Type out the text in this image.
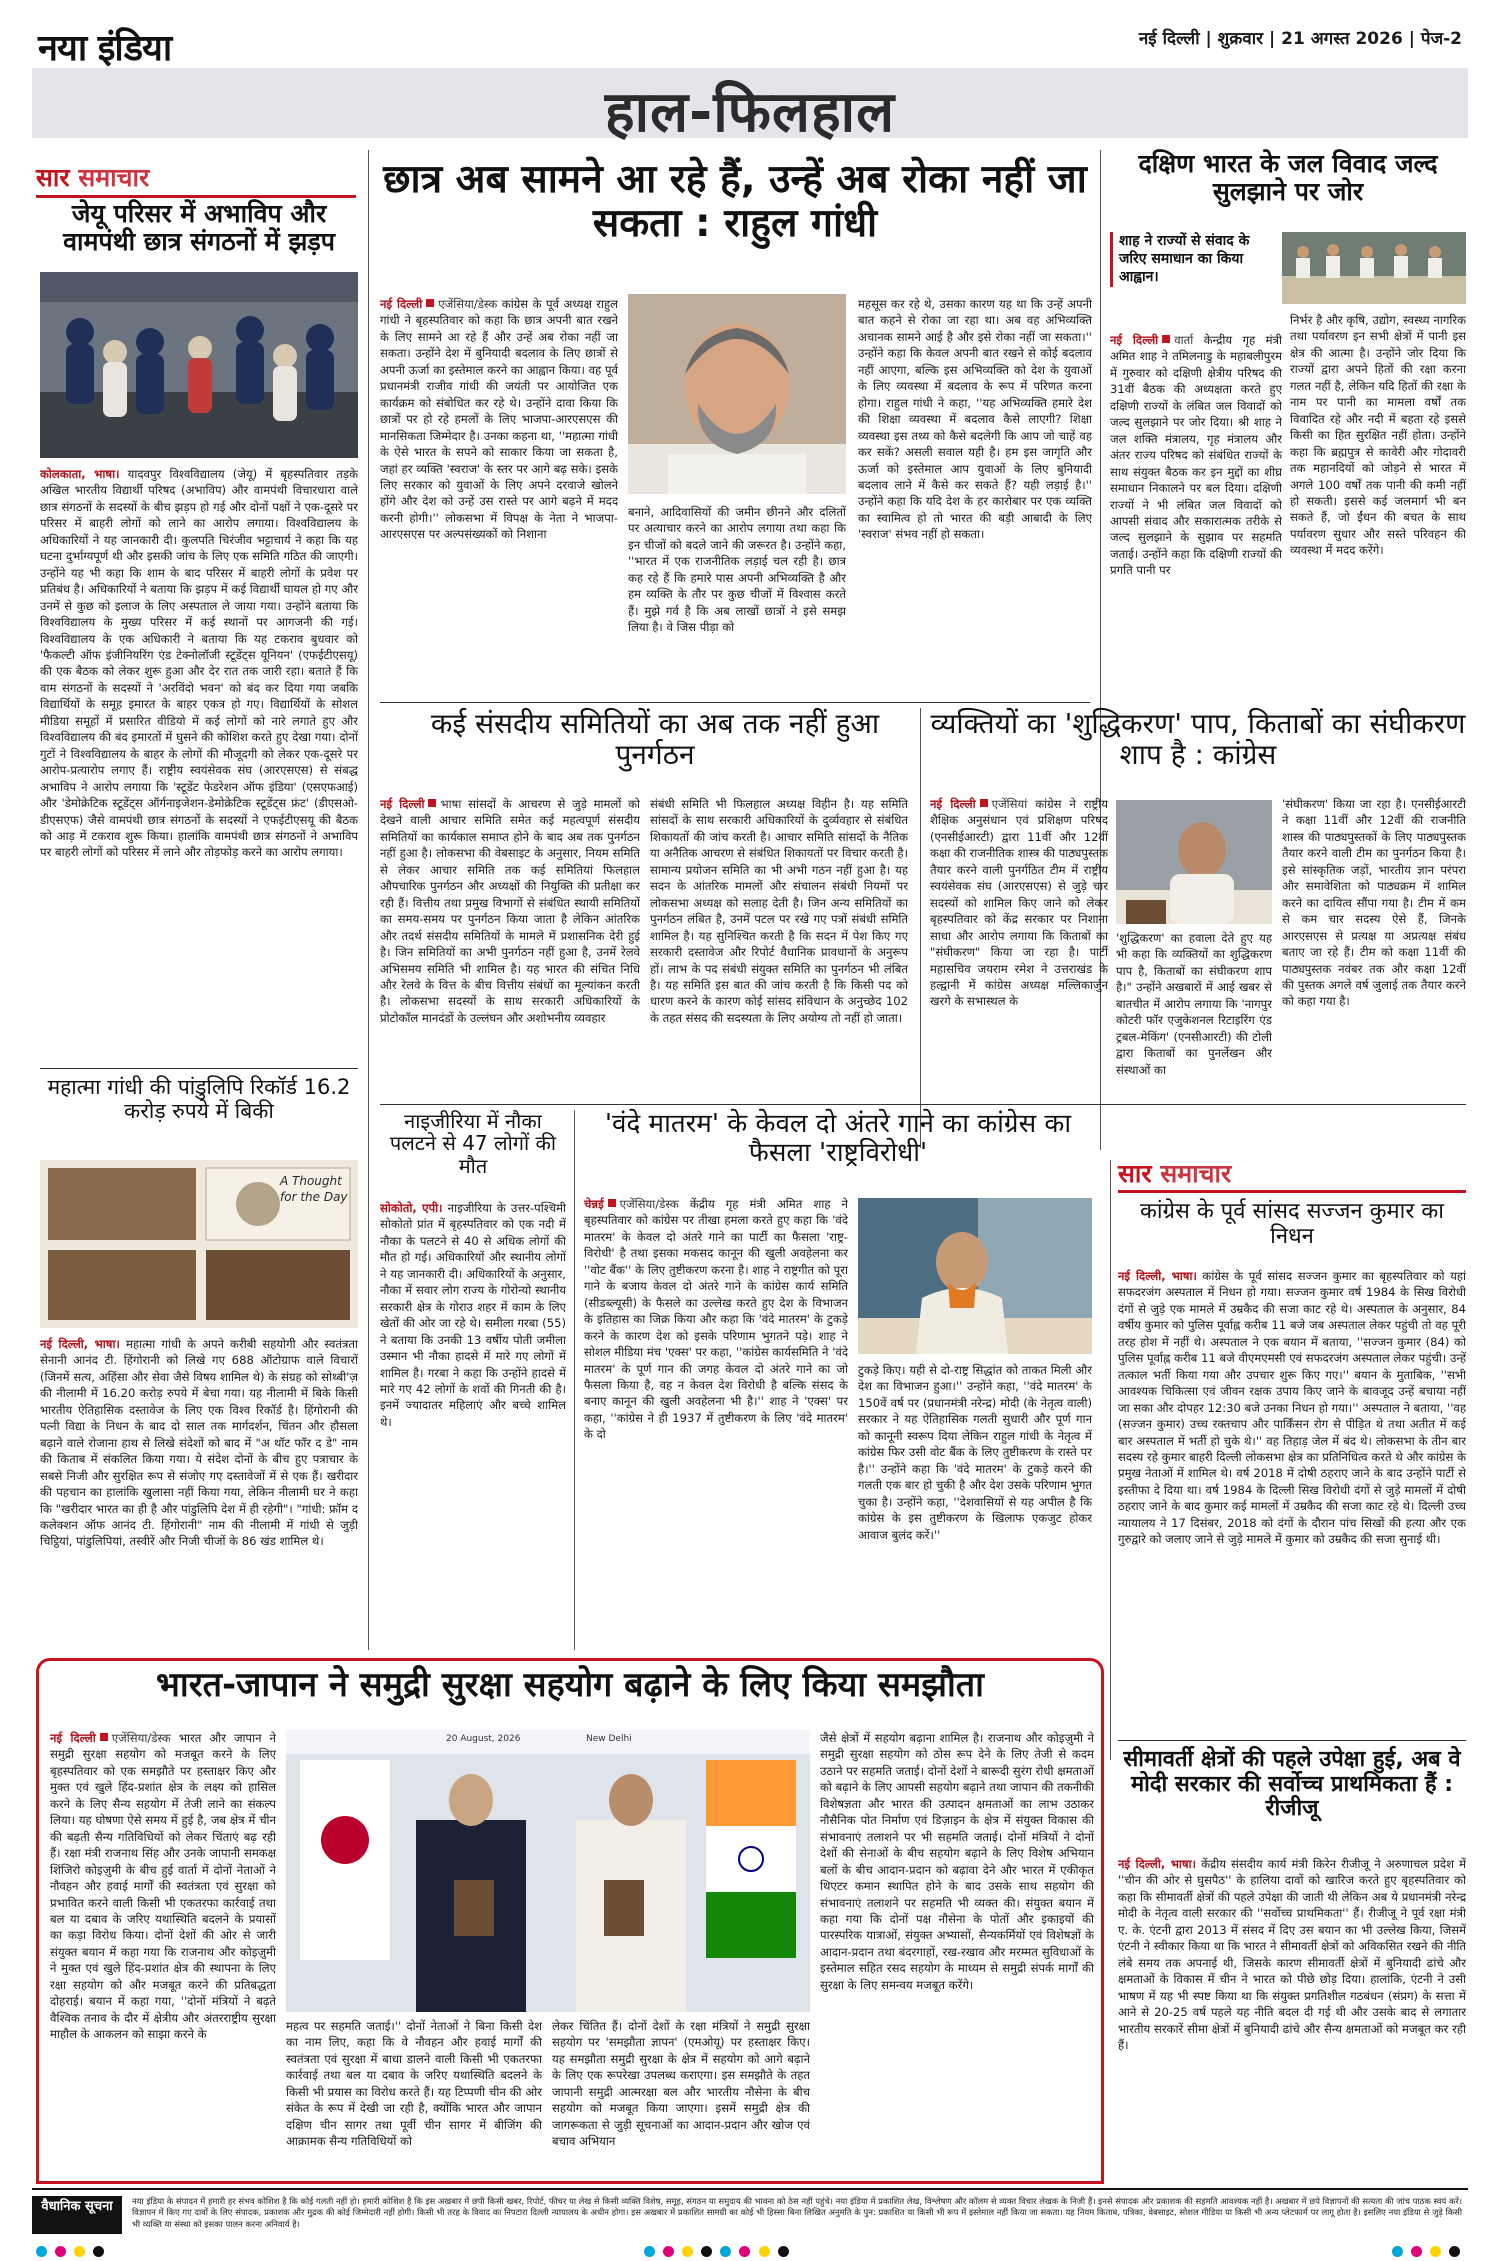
हाल-फिलहाल
नया इंडिया	नई दिल्ली | शुक्रवार | 21 अगस्त 2026 | पेज-2
सार समाचार
जेयू परिसर में अभाविप और वामपंथी छात्र संगठनों में झड़प
कोलकाता, भाषा। यादवपुर विश्वविद्यालय (जेयू) में बृहस्पतिवार तड़के अखिल भारतीय विद्यार्थी परिषद (अभाविप) और वामपंथी विचारधारा वाले छात्र संगठनों के सदस्यों के बीच झड़प हो गई और दोनों पक्षों ने एक-दूसरे पर परिसर में बाहरी लोगों को लाने का आरोप लगाया। विश्वविद्यालय के अधिकारियों ने यह जानकारी दी। कुलपति चिरंजीव भट्टाचार्य ने कहा कि यह घटना दुर्भाग्यपूर्ण थी और इसकी जांच के लिए एक समिति गठित की जाएगी। उन्होंने यह भी कहा कि शाम के बाद परिसर में बाहरी लोगों के प्रवेश पर प्रतिबंध है। अधिकारियों ने बताया कि झड़प में कई विद्यार्थी घायल हो गए और उनमें से कुछ को इलाज के लिए अस्पताल ले जाया गया। उन्होंने बताया कि विश्वविद्यालय के मुख्य परिसर में कई स्थानों पर आगजनी की गई। विश्वविद्यालय के एक अधिकारी ने बताया कि यह टकराव बुधवार को 'फैकल्टी ऑफ इंजीनियरिंग एंड टेक्नोलॉजी स्टूडेंट्स यूनियन' (एफईटीएसयू) की एक बैठक को लेकर शुरू हुआ और देर रात तक जारी रहा। बताते हैं कि वाम संगठनों के सदस्यों ने 'अरविंदो भवन' को बंद कर दिया गया जबकि विद्यार्थियों के समूह इमारत के बाहर एकत्र हो गए। विद्यार्थियों के सोशल मीडिया समूहों में प्रसारित वीडियो में कई लोगों को नारे लगाते हुए और विश्वविद्यालय की बंद इमारतों में घुसने की कोशिश करते हुए देखा गया। दोनों गुटों ने विश्वविद्यालय के बाहर के लोगों की मौजूदगी को लेकर एक-दूसरे पर आरोप-प्रत्यारोप लगाए हैं। राष्ट्रीय स्वयंसेवक संघ (आरएसएस) से संबद्ध अभाविप ने आरोप लगाया कि 'स्टूडेंट फेडरेशन ऑफ इंडिया' (एसएफआई) और 'डेमोक्रेटिक स्टूडेंट्स ऑर्गनाइजेशन-डेमोक्रेटिक स्टूडेंट्स फ्रंट' (डीएसओ-डीएसएफ) जैसे वामपंथी छात्र संगठनों के सदस्यों ने एफईटीएसयू की बैठक को आड़ में टकराव शुरू किया। हालांकि वामपंथी छात्र संगठनों ने अभाविप पर बाहरी लोगों को परिसर में लाने और तोड़फोड़ करने का आरोप लगाया।
महात्मा गांधी की पांडुलिपि रिकॉर्ड 16.2 करोड़ रुपये में बिकी
A Thought for the Day
नई दिल्ली, भाषा। महात्मा गांधी के अपने करीबी सहयोगी और स्वतंत्रता सेनानी आनंद टी. हिंगोरानी को लिखे गए 688 ऑटोग्राफ वाले विचारों (जिनमें सत्य, अहिंसा और सेवा जैसे विषय शामिल थे) के संग्रह को सोथ्बी'ज़ की नीलामी में 16.20 करोड़ रुपये में बेचा गया। यह नीलामी में बिके किसी भारतीय ऐतिहासिक दस्तावेज के लिए एक विश्व रिकॉर्ड है। हिंगोरानी की पत्नी विद्या के निधन के बाद दो साल तक मार्गदर्शन, चिंतन और हौसला बढ़ाने वाले रोजाना हाथ से लिखे संदेशों को बाद में "अ थॉट फॉर द डे" नाम की किताब में संकलित किया गया। ये संदेश दोनों के बीच हुए पत्राचार के सबसे निजी और सुरक्षित रूप से संजोए गए दस्तावेजों में से एक हैं। खरीदार की पहचान का हालांकि खुलासा नहीं किया गया, लेकिन नीलामी घर ने कहा कि "खरीदार भारत का ही है और पांडुलिपि देश में ही रहेगी"। "गांधी: फ्रॉम द कलेक्शन ऑफ आनंद टी. हिंगोरानी" नाम की नीलामी में गांधी से जुड़ी चिट्ठियां, पांडुलिपियां, तस्वीरें और निजी चीजों के 86 खंड शामिल थे।
छात्र अब सामने आ रहे हैं, उन्हें अब रोका नहीं जा सकता : राहुल गांधी
नई दिल्ली एजेंसिया/डेस्क कांग्रेस के पूर्व अध्यक्ष राहुल गांधी ने बृहस्पतिवार को कहा कि छात्र अपनी बात रखने के लिए सामने आ रहे हैं और उन्हें अब रोका नहीं जा सकता। उन्होंने देश में बुनियादी बदलाव के लिए छात्रों से अपनी ऊर्जा का इस्तेमाल करने का आह्वान किया। वह पूर्व प्रधानमंत्री राजीव गांधी की जयंती पर आयोजित एक कार्यक्रम को संबोधित कर रहे थे। उन्होंने दावा किया कि छात्रों पर हो रहे हमलों के लिए भाजपा-आरएसएस की मानसिकता जिम्मेदार है। उनका कहना था, ''महात्मा गांधी के ऐसे भारत के सपने को साकार किया जा सकता है, जहां हर व्यक्ति 'स्वराज' के स्तर पर आगे बढ़ सके। इसके लिए सरकार को युवाओं के लिए अपने दरवाजे खोलने होंगे और देश को उन्हें उस रास्ते पर आगे बढ़ने में मदद करनी होगी।'' लोकसभा में विपक्ष के नेता ने भाजपा-आरएसएस पर अल्पसंख्यकों को निशाना
बनाने, आदिवासियों की जमीन छीनने और दलितों पर अत्याचार करने का आरोप लगाया तथा कहा कि इन चीजों को बदले जाने की जरूरत है। उन्होंने कहा, ''भारत में एक राजनीतिक लड़ाई चल रही है। छात्र कह रहे हैं कि हमारे पास अपनी अभिव्यक्ति है और हम व्यक्ति के तौर पर कुछ चीजों में विश्वास करते हैं। मुझे गर्व है कि अब लाखों छात्रों ने इसे समझ लिया है। वे जिस पीड़ा को
महसूस कर रहे थे, उसका कारण यह था कि उन्हें अपनी बात कहने से रोका जा रहा था। अब वह अभिव्यक्ति अचानक सामने आई है और इसे रोका नहीं जा सकता।'' उन्होंने कहा कि केवल अपनी बात रखने से कोई बदलाव नहीं आएगा, बल्कि इस अभिव्यक्ति को देश के युवाओं के लिए व्यवस्था में बदलाव के रूप में परिणत करना होगा। राहुल गांधी ने कहा, ''यह अभिव्यक्ति हमारे देश की शिक्षा व्यवस्था में बदलाव कैसे लाएगी? शिक्षा व्यवस्था इस तथ्य को कैसे बदलेगी कि आप जो चाहें वह कर सकें? असली सवाल यही है। हम इस जागृति और ऊर्जा को इस्तेमाल आप युवाओं के लिए बुनियादी बदलाव लाने में कैसे कर सकते हैं? यही लड़ाई है।'' उन्होंने कहा कि यदि देश के हर कारोबार पर एक व्यक्ति का स्वामित्व हो तो भारत की बड़ी आबादी के लिए 'स्वराज' संभव नहीं हो सकता।
दक्षिण भारत के जल विवाद जल्द सुलझाने पर जोर
शाह ने राज्यों से संवाद के जरिए समाधान का किया आह्वान।
नई दिल्ली वार्ता केन्द्रीय गृह मंत्री अमित शाह ने तमिलनाडु के महाबलीपुरम में गुरुवार को दक्षिणी क्षेत्रीय परिषद की 31वीं बैठक की अध्यक्षता करते हुए दक्षिणी राज्यों के लंबित जल विवादों को जल्द सुलझाने पर जोर दिया। श्री शाह ने जल शक्ति मंत्रालय, गृह मंत्रालय और अंतर राज्य परिषद को संबंधित राज्यों के साथ संयुक्त बैठक कर इन मुद्दों का शीघ्र समाधान निकालने पर बल दिया। दक्षिणी राज्यों ने भी लंबित जल विवादों को आपसी संवाद और सकारात्मक तरीके से जल्द सुलझाने के सुझाव पर सहमति जताई। उन्होंने कहा कि दक्षिणी राज्यों की प्रगति पानी पर
निर्भर है और कृषि, उद्योग, स्वस्थ्य नागरिक तथा पर्यावरण इन सभी क्षेत्रों में पानी इस क्षेत्र की आत्मा है। उन्होंने जोर दिया कि राज्यों द्वारा अपने हितों की रक्षा करना गलत नहीं है, लेकिन यदि हितों की रक्षा के नाम पर पानी का मामला वर्षों तक विवादित रहे और नदी में बहता रहे इससे किसी का हित सुरक्षित नहीं होता। उन्होंने कहा कि ब्रह्मपुत्र से कावेरी और गोदावरी तक महानदियों को जोड़ने से भारत में अगले 100 वर्षों तक पानी की कमी नहीं हो सकती। इससे कई जलमार्ग भी बन सकते हैं, जो ईंधन की बचत के साथ पर्यावरण सुधार और सस्ते परिवहन की व्यवस्था में मदद करेंगे।
कई संसदीय समितियों का अब तक नहीं हुआ पुनर्गठन
नई दिल्ली भाषा सांसदों के आचरण से जुड़े मामलों को देखने वाली आचार समिति समेत कई महत्वपूर्ण संसदीय समितियों का कार्यकाल समाप्त होने के बाद अब तक पुनर्गठन नहीं हुआ है। लोकसभा की वेबसाइट के अनुसार, नियम समिति से लेकर आचार समिति तक कई समितियां फिलहाल औपचारिक पुनर्गठन और अध्यक्षों की नियुक्ति की प्रतीक्षा कर रही हैं। वित्तीय तथा प्रमुख विभागों से संबंधित स्थायी समितियों का समय-समय पर पुनर्गठन किया जाता है लेकिन आंतरिक और तदर्थ संसदीय समितियों के मामले में प्रशासनिक देरी हुई है। जिन समितियों का अभी पुनर्गठन नहीं हुआ है, उनमें रेलवे अभिसमय समिति भी शामिल है। यह भारत की संचित निधि और रेलवे के वित्त के बीच वित्तीय संबंधों का मूल्यांकन करती है। लोकसभा सदस्यों के साथ सरकारी अधिकारियों के प्रोटोकॉल मानदंडों के उल्लंघन और अशोभनीय व्यवहार
संबंधी समिति भी फिलहाल अध्यक्ष विहीन है। यह समिति सांसदों के साथ सरकारी अधिकारियों के दुर्व्यवहार से संबंधित शिकायतों की जांच करती है। आचार समिति सांसदों के नैतिक या अनैतिक आचरण से संबंधित शिकायतों पर विचार करती है। सामान्य प्रयोजन समिति का भी अभी गठन नहीं हुआ है। यह सदन के आंतरिक मामलों और संचालन संबंधी नियमों पर लोकसभा अध्यक्ष को सलाह देती है। जिन अन्य समितियों का पुनर्गठन लंबित है, उनमें पटल पर रखे गए पत्रों संबंधी समिति शामिल है। यह सुनिश्चित करती है कि सदन में पेश किए गए सरकारी दस्तावेज और रिपोर्ट वैधानिक प्रावधानों के अनुरूप हों। लाभ के पद संबंधी संयुक्त समिति का पुनर्गठन भी लंबित है। यह समिति इस बात की जांच करती है कि किसी पद को धारण करने के कारण कोई सांसद संविधान के अनुच्छेद 102 के तहत संसद की सदस्यता के लिए अयोग्य तो नहीं हो जाता।
व्यक्तियों का 'शुद्धिकरण' पाप, किताबों का संघीकरण शाप है : कांग्रेस
नई दिल्ली एजेंसियां कांग्रेस ने राष्ट्रीय शैक्षिक अनुसंधान एवं प्रशिक्षण परिषद (एनसीईआरटी) द्वारा 11वीं और 12वीं कक्षा की राजनीतिक शास्त्र की पाठ्यपुस्तक तैयार करने वाली पुनर्गठित टीम में राष्ट्रीय स्वयंसेवक संघ (आरएसएस) से जुड़े चार सदस्यों को शामिल किए जाने को लेकर बृहस्पतिवार को केंद्र सरकार पर निशाना साधा और आरोप लगाया कि किताबों का "संघीकरण" किया जा रहा है। पार्टी महासचिव जयराम रमेश ने उत्तराखंड के हल्द्वानी में कांग्रेस अध्यक्ष मल्लिकार्जुन खरगे के सभास्थल के
'शुद्धिकरण' का हवाला देते हुए यह भी कहा कि व्यक्तियों का शुद्धिकरण पाप है, किताबों का संघीकरण शाप है।" उन्होंने अखबारों में आई खबर से बातचीत में आरोप लगाया कि 'नागपुर कोटरी फॉर एजुकेशनल रिटाइरिंग एंड ट्रबल-मेकिंग' (एनसीआरटी) की टोली द्वारा किताबों का पुनर्लेखन और संस्थाओं का
'संघीकरण' किया जा रहा है। एनसीईआरटी ने कक्षा 11वीं और 12वीं की राजनीति शास्त्र की पाठ्यपुस्तकों के लिए पाठ्यपुस्तक तैयार करने वाली टीम का पुनर्गठन किया है। इसे सांस्कृतिक जड़ों, भारतीय ज्ञान परंपरा और समावेशिता को पाठ्यक्रम में शामिल करने का दायित्व सौंपा गया है। टीम में कम से कम चार सदस्य ऐसे हैं, जिनके आरएसएस से प्रत्यक्ष या अप्रत्यक्ष संबंध बताए जा रहे हैं। टीम को कक्षा 11वीं की पाठ्यपुस्तक नवंबर तक और कक्षा 12वीं की पुस्तक अगले वर्ष जुलाई तक तैयार करने को कहा गया है।
नाइजीरिया में नौका पलटने से 47 लोगों की मौत
सोकोतो, एपी। नाइजीरिया के उत्तर-पश्चिमी सोकोतो प्रांत में बृहस्पतिवार को एक नदी में नौका के पलटने से 40 से अधिक लोगों की मौत हो गई। अधिकारियों और स्थानीय लोगों ने यह जानकारी दी। अधिकारियों के अनुसार, नौका में सवार लोग राज्य के गोरोन्यो स्थानीय सरकारी क्षेत्र के गोराउ शहर में काम के लिए खेतों की ओर जा रहे थे। समीला गरबा (55) ने बताया कि उनकी 13 वर्षीय पोती जमीला उस्मान भी नौका हादसे में मारे गए लोगों में शामिल है। गरबा ने कहा कि उन्होंने हादसे में मारे गए 42 लोगों के शवों की गिनती की है। इनमें ज्यादातर महिलाएं और बच्चे शामिल थे।
'वंदे मातरम' के केवल दो अंतरे गाने का कांग्रेस का फैसला 'राष्ट्रविरोधी'
चेन्नई एजेंसिया/डेस्क केंद्रीय गृह मंत्री अमित शाह ने बृहस्पतिवार को कांग्रेस पर तीखा हमला करते हुए कहा कि 'वंदे मातरम' के केवल दो अंतरे गाने का पार्टी का फैसला 'राष्ट्र-विरोधी' है तथा इसका मकसद कानून की खुली अवहेलना कर ''वोट बैंक'' के लिए तुष्टीकरण करना है। शाह ने राष्ट्रगीत को पूरा गाने के बजाय केवल दो अंतरे गाने के कांग्रेस कार्य समिति (सीडब्ल्यूसी) के फैसले का उल्लेख करते हुए देश के विभाजन के इतिहास का जिक्र किया और कहा कि 'वंदे मातरम' के टुकड़े करने के कारण देश को इसके परिणाम भुगतने पड़े। शाह ने सोशल मीडिया मंच 'एक्स' पर कहा, ''कांग्रेस कार्यसमिति ने 'वंदे मातरम' के पूर्ण गान की जगह केवल दो अंतरे गाने का जो फैसला किया है, वह न केवल देश विरोधी है बल्कि संसद के बनाए कानून की खुली अवहेलना भी है।'' शाह ने 'एक्स' पर कहा, ''कांग्रेस ने ही 1937 में तुष्टीकरण के लिए 'वंदे मातरम' के दो
टुकड़े किए। यही से दो-राष्ट्र सिद्धांत को ताकत मिली और देश का विभाजन हुआ।'' उन्होंने कहा, ''वंदे मातरम' के 150वें वर्ष पर (प्रधानमंत्री नरेन्द्र) मोदी (के नेतृत्व वाली) सरकार ने यह ऐतिहासिक गलती सुधारी और पूर्ण गान को कानूनी स्वरूप दिया लेकिन राहुल गांधी के नेतृत्व में कांग्रेस फिर उसी वोट बैंक के लिए तुष्टीकरण के रास्ते पर है।'' उन्होंने कहा कि 'वंदे मातरम' के टुकड़े करने की गलती एक बार हो चुकी है और देश उसके परिणाम भुगत चुका है। उन्होंने कहा, ''देशवासियों से यह अपील है कि कांग्रेस के इस तुष्टीकरण के खिलाफ एकजुट होकर आवाज बुलंद करें।''
सार समाचार
कांग्रेस के पूर्व सांसद सज्जन कुमार का निधन
नई दिल्ली, भाषा। कांग्रेस के पूर्व सांसद सज्जन कुमार का बृहस्पतिवार को यहां सफदरजंग अस्पताल में निधन हो गया। सज्जन कुमार वर्ष 1984 के सिख विरोधी दंगों से जुड़े एक मामले में उम्रकैद की सजा काट रहे थे। अस्पताल के अनुसार, 84 वर्षीय कुमार को पुलिस पूर्वाह्न करीब 11 बजे जब अस्पताल लेकर पहुंची तो वह पूरी तरह होश में नहीं थे। अस्पताल ने एक बयान में बताया, ''सज्जन कुमार (84) को पुलिस पूर्वाह्न करीब 11 बजे वीएमएमसी एवं सफदरजंग अस्पताल लेकर पहुंची। उन्हें तत्काल भर्ती किया गया और उपचार शुरू किए गए।'' बयान के मुताबिक, ''सभी आवश्यक चिकित्सा एवं जीवन रक्षक उपाय किए जाने के बावजूद उन्हें बचाया नहीं जा सका और दोपहर 12:30 बजे उनका निधन हो गया।'' अस्पताल ने बताया, ''वह (सज्जन कुमार) उच्च रक्तचाप और पार्किंसन रोग से पीड़ित थे तथा अतीत में कई बार अस्पताल में भर्ती हो चुके थे।'' वह तिहाड़ जेल में बंद थे। लोकसभा के तीन बार सदस्य रहे कुमार बाहरी दिल्ली लोकसभा क्षेत्र का प्रतिनिधित्व करते थे और कांग्रेस के प्रमुख नेताओं में शामिल थे। वर्ष 2018 में दोषी ठहराए जाने के बाद उन्होंने पार्टी से इस्तीफा दे दिया था। वर्ष 1984 के दिल्ली सिख विरोधी दंगों से जुड़े मामलों में दोषी ठहराए जाने के बाद कुमार कई मामलों में उम्रकैद की सजा काट रहे थे। दिल्ली उच्च न्यायालय ने 17 दिसंबर, 2018 को दंगों के दौरान पांच सिखों की हत्या और एक गुरुद्वारे को जलाए जाने से जुड़े मामले में कुमार को उम्रकैद की सजा सुनाई थी।
सीमावर्ती क्षेत्रों की पहले उपेक्षा हुई, अब वे मोदी सरकार की सर्वोच्च प्राथमिकता हैं : रीजीजू
नई दिल्ली, भाषा। केंद्रीय संसदीय कार्य मंत्री किरेन रीजीजू ने अरुणाचल प्रदेश में ''चीन की ओर से घुसपैठ'' के हालिया दावों को खारिज करते हुए बृहस्पतिवार को कहा कि सीमावर्ती क्षेत्रों की पहले उपेक्षा की जाती थी लेकिन अब ये प्रधानमंत्री नरेन्द्र मोदी के नेतृत्व वाली सरकार की ''सर्वोच्च प्राथमिकता'' हैं। रीजीजू ने पूर्व रक्षा मंत्री ए. के. एंटनी द्वारा 2013 में संसद में दिए उस बयान का भी उल्लेख किया, जिसमें एंटनी ने स्वीकार किया था कि भारत ने सीमावर्ती क्षेत्रों को अविकसित रखने की नीति लंबे समय तक अपनाई थी, जिसके कारण सीमावर्ती क्षेत्रों में बुनियादी ढांचे और क्षमताओं के विकास में चीन ने भारत को पीछे छोड़ दिया। हालांकि, एंटनी ने उसी भाषण में यह भी स्पष्ट किया था कि संयुक्त प्रगतिशील गठबंधन (संप्रग) के सत्ता में आने से 20-25 वर्ष पहले यह नीति बदल दी गई थी और उसके बाद से लगातार भारतीय सरकारें सीमा क्षेत्रों में बुनियादी ढांचे और सैन्य क्षमताओं को मजबूत कर रही हैं।
भारत-जापान ने समुद्री सुरक्षा सहयोग बढ़ाने के लिए किया समझौता
नई दिल्ली एजेंसिया/डेस्क भारत और जापान ने समुद्री सुरक्षा सहयोग को मजबूत करने के लिए बृहस्पतिवार को एक समझौते पर हस्ताक्षर किए और मुक्त एवं खुले हिंद-प्रशांत क्षेत्र के लक्ष्य को हासिल करने के लिए सैन्य सहयोग में तेजी लाने का संकल्प लिया। यह घोषणा ऐसे समय में हुई है, जब क्षेत्र में चीन की बढ़ती सैन्य गतिविधियों को लेकर चिंताएं बढ़ रही हैं। रक्षा मंत्री राजनाथ सिंह और उनके जापानी समकक्ष शिंजिरो कोइज़ुमी के बीच हुई वार्ता में दोनों नेताओं ने नौवहन और हवाई मार्गों की स्वतंत्रता एवं सुरक्षा को प्रभावित करने वाली किसी भी एकतरफा कार्रवाई तथा बल या दबाव के जरिए यथास्थिति बदलने के प्रयासों का कड़ा विरोध किया। दोनों देशों की ओर से जारी संयुक्त बयान में कहा गया कि राजनाथ और कोइज़ुमी ने मुक्त एवं खुले हिंद-प्रशांत क्षेत्र की स्थापना के लिए रक्षा सहयोग को और मजबूत करने की प्रतिबद्धता दोहराई। बयान में कहा गया, ''दोनों मंत्रियों ने बढ़ते वैश्विक तनाव के दौर में क्षेत्रीय और अंतरराष्ट्रीय सुरक्षा माहौल के आकलन को साझा करने के
20 August, 2026	New Delhi
महत्व पर सहमति जताई।'' दोनों नेताओं ने बिना किसी देश का नाम लिए, कहा कि वे नौवहन और हवाई मार्गों की स्वतंत्रता एवं सुरक्षा में बाधा डालने वाली किसी भी एकतरफा कार्रवाई तथा बल या दबाव के जरिए यथास्थिति बदलने के किसी भी प्रयास का विरोध करते हैं। यह टिप्पणी चीन की ओर संकेत के रूप में देखी जा रही है, क्योंकि भारत और जापान दक्षिण चीन सागर तथा पूर्वी चीन सागर में बीजिंग की आक्रामक सैन्य गतिविधियों को
लेकर चिंतित हैं। दोनों देशों के रक्षा मंत्रियों ने समुद्री सुरक्षा सहयोग पर 'समझौता ज्ञापन' (एमओयू) पर हस्ताक्षर किए। यह समझौता समुद्री सुरक्षा के क्षेत्र में सहयोग को आगे बढ़ाने के लिए एक रूपरेखा उपलब्ध कराएगा। इस समझौते के तहत जापानी समुद्री आत्मरक्षा बल और भारतीय नौसेना के बीच सहयोग को मजबूत किया जाएगा। इसमें समुद्री क्षेत्र की जागरूकता से जुड़ी सूचनाओं का आदान-प्रदान और खोज एवं बचाव अभियान
जैसे क्षेत्रों में सहयोग बढ़ाना शामिल है। राजनाथ और कोइज़ुमी ने समुद्री सुरक्षा सहयोग को ठोस रूप देने के लिए तेजी से कदम उठाने पर सहमति जताई। दोनों देशों ने बारूदी सुरंग रोधी क्षमताओं को बढ़ाने के लिए आपसी सहयोग बढ़ाने तथा जापान की तकनीकी विशेषज्ञता और भारत की उत्पादन क्षमताओं का लाभ उठाकर नौसैनिक पोत निर्माण एवं डिज़ाइन के क्षेत्र में संयुक्त विकास की संभावनाएं तलाशने पर भी सहमति जताई। दोनों मंत्रियों ने दोनों देशों की सेनाओं के बीच सहयोग बढ़ाने के लिए विशेष अभियान बलों के बीच आदान-प्रदान को बढ़ावा देने और भारत में एकीकृत थिएटर कमान स्थापित होने के बाद उसके साथ सहयोग की संभावनाएं तलाशने पर सहमति भी व्यक्त की। संयुक्त बयान में कहा गया कि दोनों पक्ष नौसेना के पोतों और इकाइयों की पारस्परिक यात्राओं, संयुक्त अभ्यासों, सैन्यकर्मियों एवं विशेषज्ञों के आदान-प्रदान तथा बंदरगाहों, रख-रखाव और मरम्मत सुविधाओं के इस्तेमाल सहित रसद सहयोग के माध्यम से समुद्री संपर्क मार्गों की सुरक्षा के लिए समन्वय मजबूत करेंगे।
वैधानिक सूचना	नया इंडिया के संपादन में हमारी हर संभव कोशिश है कि कोई गलती नहीं हो। हमारी कोशिश है कि इस अखबार में छपी किसी खबर, रिपोर्ट, फीचर या लेख से किसी व्यक्ति विशेष, समूह, संगठन या समुदाय की भावना को ठेस नहीं पहुंचे। नया इंडिया में प्रकाशित लेख, विश्लेषण और कॉलम से व्यक्त विचार लेखक के निजी हैं। इनसे संपादक और प्रकाशक की सहमति आवश्यक नहीं है। अखबार में छपे विज्ञापनों की सत्यता की जांच पाठक स्वयं करें। विज्ञापन में किए गए दावों के लिए संपादक, प्रकाशक और मुद्रक की कोई जिम्मेदारी नहीं होगी। किसी भी तरह के विवाद का निपटारा दिल्ली न्यायालय के अधीन होगा। इस अखबार में प्रकाशित सामग्री का कोई भी हिस्सा बिना लिखित अनुमति के पुन: प्रकाशित या किसी भी रूप में इस्तेमाल नहीं किया जा सकता। यह नियम किताब, पत्रिका, वेबसाइट, सोशल मीडिया या किसी भी अन्य प्लेटफार्म पर लागू होता है। इसलिए नया इंडिया से जुड़े किसी भी व्यक्ति या संस्था को इसका पालन करना अनिवार्य है।
